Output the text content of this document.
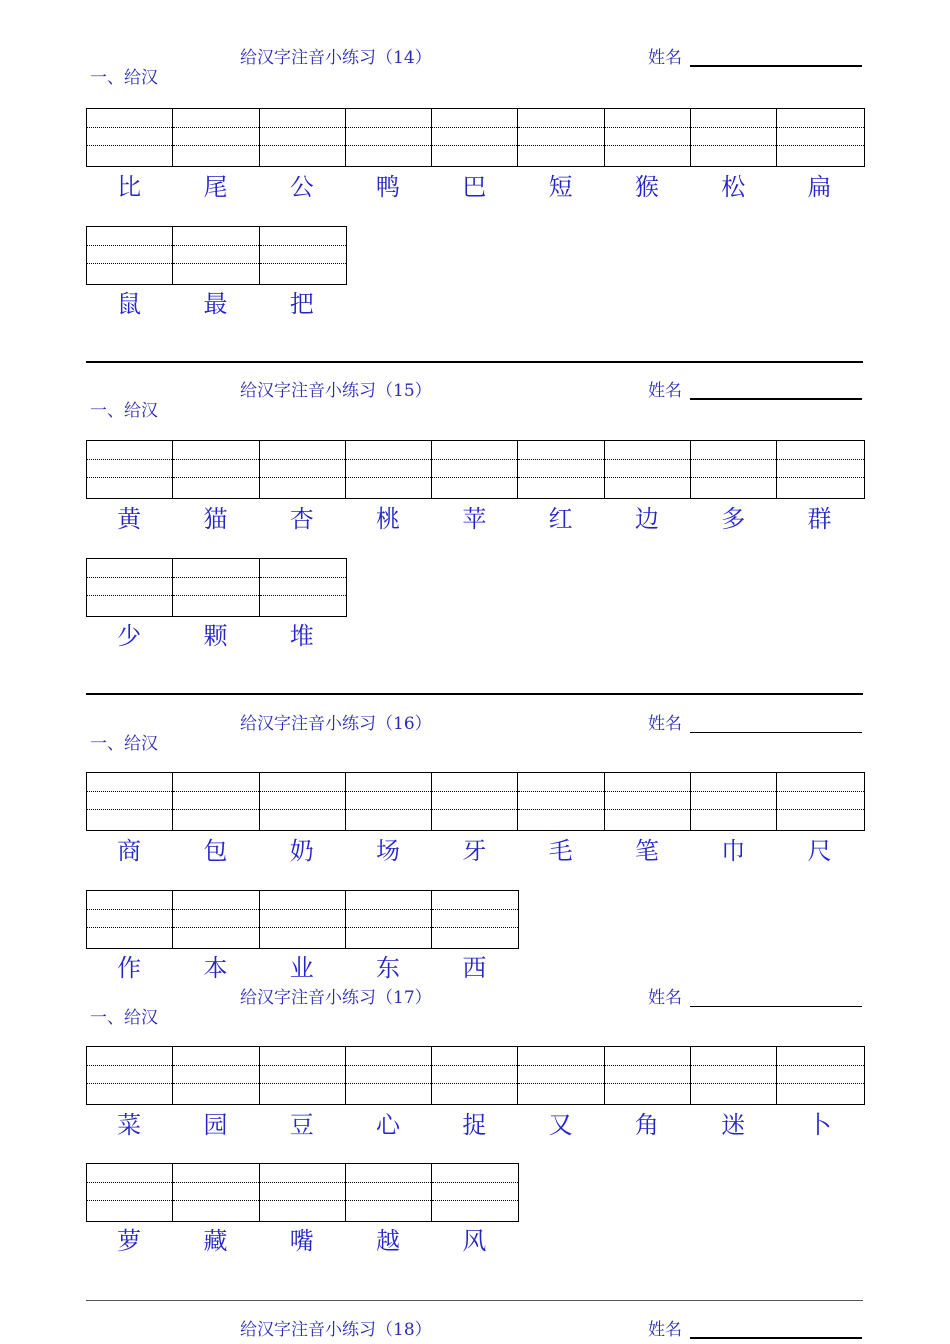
给汉字注音小练习（14）	姓名
一、给汉
比	尾	公	鸭	巴	短	猴	松	扁
鼠	最	把
给汉字注音小练习（15）	姓名
一、给汉
黄	猫	杏	桃	苹	红	边	多	群
少	颗	堆
给汉字注音小练习（16）	姓名
一、给汉
商	包	奶	场	牙	毛	笔	巾	尺
作	本	业	东	西
给汉字注音小练习（17）	姓名
一、给汉
菜	园	豆	心	捉	又	角	迷	卜
萝	藏	嘴	越	风
给汉字注音小练习（18）	姓名
